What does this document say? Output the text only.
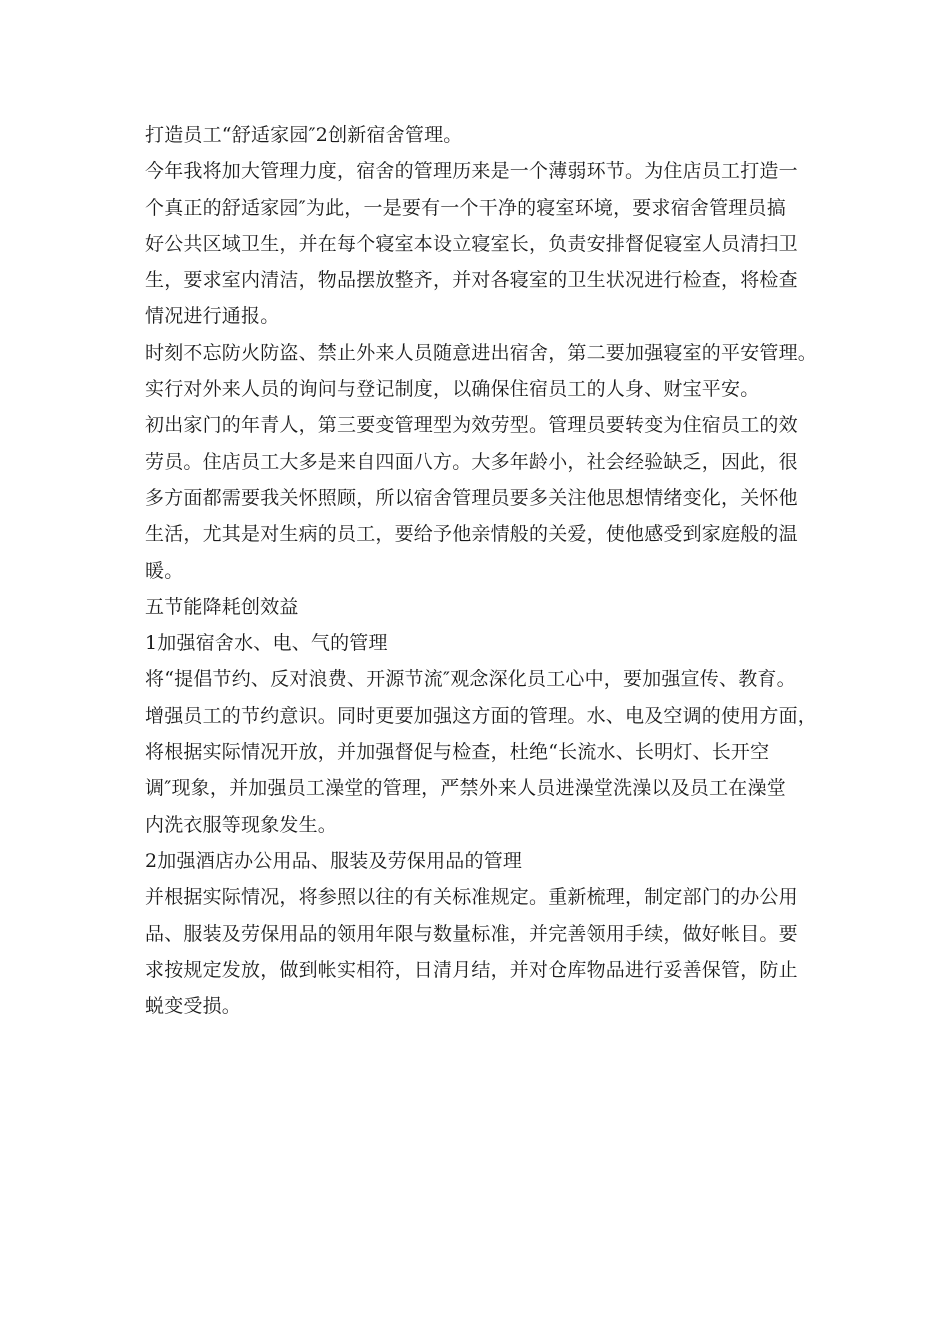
打造员工“舒适家园″2创新宿舍管理。
今年我将加大管理力度，宿舍的管理历来是一个薄弱环节。为住店员工打造一
个真正的舒适家园″为此，一是要有一个干净的寝室环境，要求宿舍管理员搞
好公共区域卫生，并在每个寝室本设立寝室长，负责安排督促寝室人员清扫卫
生，要求室内清洁，物品摆放整齐，并对各寝室的卫生状况进行检查，将检查
情况进行通报。
时刻不忘防火防盗、禁止外来人员随意进出宿舍，第二要加强寝室的平安管理。
实行对外来人员的询问与登记制度，以确保住宿员工的人身、财宝平安。
初出家门的年青人，第三要变管理型为效劳型。管理员要转变为住宿员工的效
劳员。住店员工大多是来自四面八方。大多年龄小，社会经验缺乏，因此，很
多方面都需要我关怀照顾，所以宿舍管理员要多关注他思想情绪变化，关怀他
生活，尤其是对生病的员工，要给予他亲情般的关爱，使他感受到家庭般的温
暖。
五节能降耗创效益
1加强宿舍水、电、气的管理
将“提倡节约、反对浪费、开源节流″观念深化员工心中，要加强宣传、教育。
增强员工的节约意识。同时更要加强这方面的管理。水、电及空调的使用方面，
将根据实际情况开放，并加强督促与检查，杜绝“长流水、长明灯、长开空
调″现象，并加强员工澡堂的管理，严禁外来人员进澡堂洗澡以及员工在澡堂
内洗衣服等现象发生。
2加强酒店办公用品、服装及劳保用品的管理
并根据实际情况，将参照以往的有关标准规定。重新梳理，制定部门的办公用
品、服装及劳保用品的领用年限与数量标准，并完善领用手续，做好帐目。要
求按规定发放，做到帐实相符，日清月结，并对仓库物品进行妥善保管，防止
蜕变受损。
